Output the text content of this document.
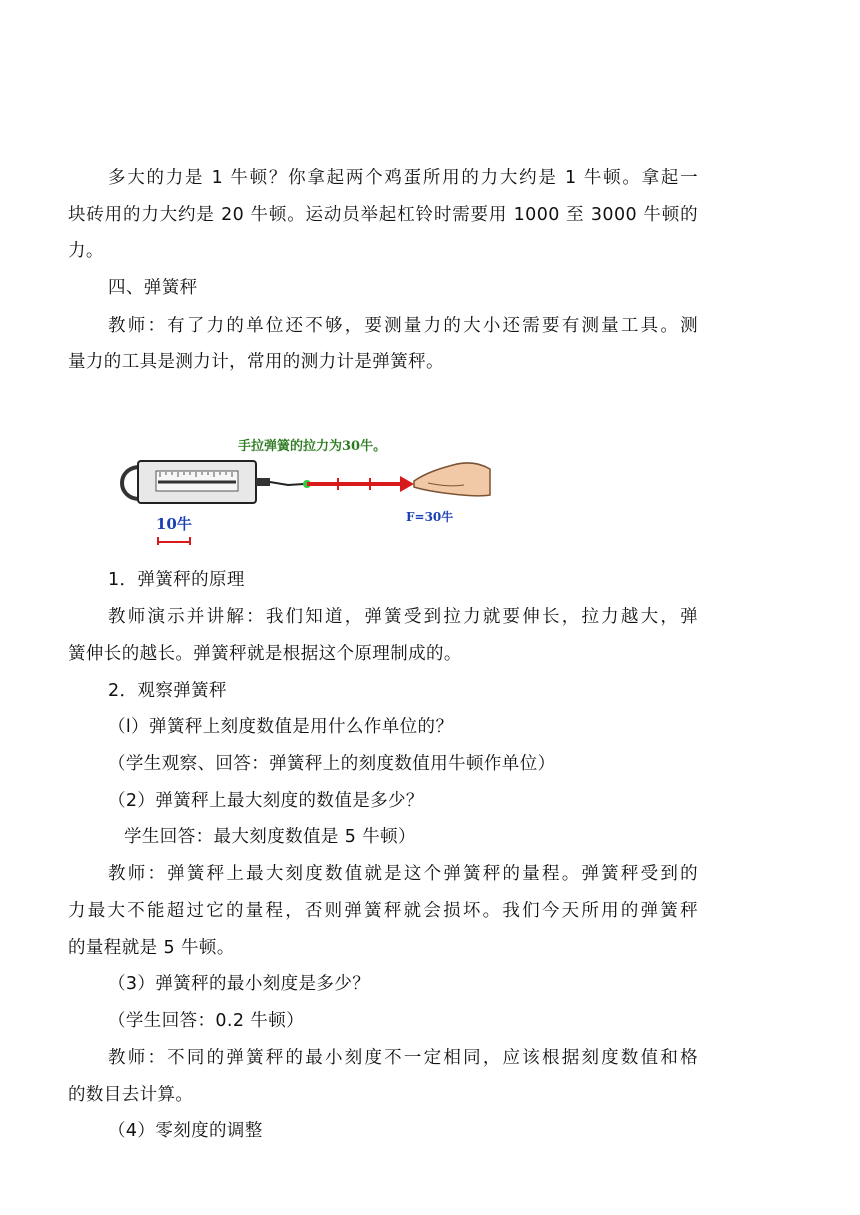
多大的力是 1 牛顿？你拿起两个鸡蛋所用的力大约是 1 牛顿。拿起一
块砖用的力大约是 20 牛顿。运动员举起杠铃时需要用 1000 至 3000 牛顿的
力。
四、弹簧秤
教师：有了力的单位还不够，要测量力的大小还需要有测量工具。测
量力的工具是测力计，常用的测力计是弹簧秤。
手拉弹簧的拉力为30牛。
10牛	F=30牛
1．弹簧秤的原理
教师演示并讲解：我们知道，弹簧受到拉力就要伸长，拉力越大，弹
簧伸长的越长。弹簧秤就是根据这个原理制成的。
2．观察弹簧秤
（l）弹簧秤上刻度数值是用什么作单位的？
（学生观察、回答：弹簧秤上的刻度数值用牛顿作单位）
（2）弹簧秤上最大刻度的数值是多少？
学生回答：最大刻度数值是 5 牛顿）
教师：弹簧秤上最大刻度数值就是这个弹簧秤的量程。弹簧秤受到的
力最大不能超过它的量程，否则弹簧秤就会损坏。我们今天所用的弹簧秤
的量程就是 5 牛顿。
（3）弹簧秤的最小刻度是多少？
（学生回答：0.2 牛顿）
教师：不同的弹簧秤的最小刻度不一定相同，应该根据刻度数值和格
的数目去计算。
（4）零刻度的调整
